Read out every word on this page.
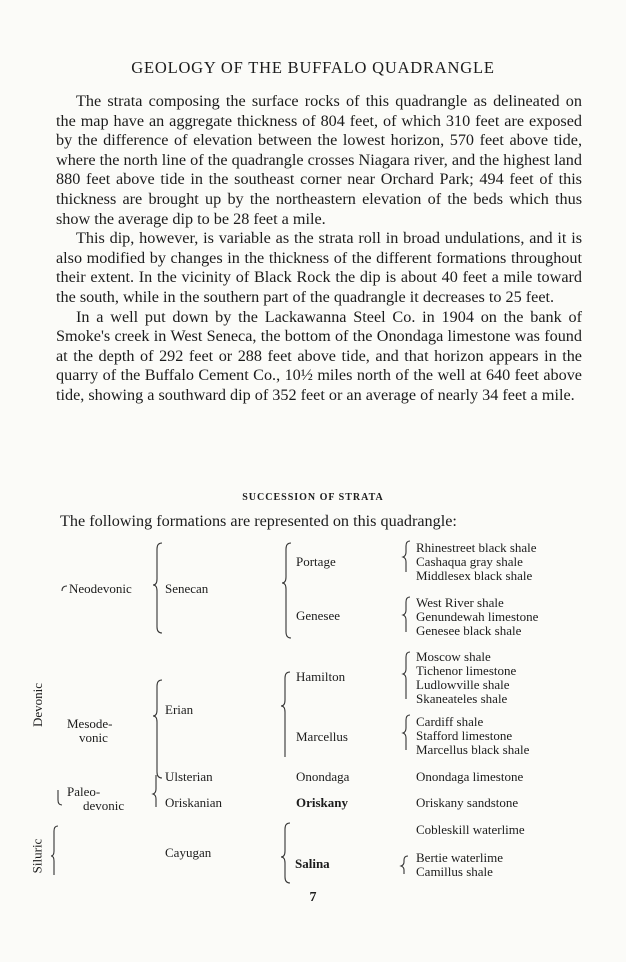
GEOLOGY OF THE BUFFALO QUADRANGLE

The strata composing the surface rocks of this quadrangle as delineated on the map have an aggregate thickness of 804 feet, of which 310 feet are exposed by the difference of elevation between the lowest horizon, 570 feet above tide, where the north line of the quadrangle crosses Niagara river, and the highest land 880 feet above tide in the southeast corner near Orchard Park; 494 feet of this thickness are brought up by the northeastern elevation of the beds which thus show the average dip to be 28 feet a mile.

This dip, however, is variable as the strata roll in broad undulations, and it is also modified by changes in the thickness of the different formations throughout their extent. In the vicinity of Black Rock the dip is about 40 feet a mile toward the south, while in the southern part of the quadrangle it decreases to 25 feet.

In a well put down by the Lackawanna Steel Co. in 1904 on the bank of Smoke's creek in West Seneca, the bottom of the Onondaga limestone was found at the depth of 292 feet or 288 feet above tide, and that horizon appears in the quarry of the Buffalo Cement Co., 10½ miles north of the well at 640 feet above tide, showing a southward dip of 352 feet or an average of nearly 34 feet a mile.

SUCCESSION OF STRATA
The following formations are represented on this quadrangle:
Devonic
Siluric
Neodevonic
Mesode-
vonic
Paleo-
devonic
Senecan
Erian
Ulsterian
Oriskanian
Cayugan
Portage
Genesee
Hamilton
Marcellus
Onondaga
Oriskany
Salina
Rhinestreet black shale
Cashaqua gray shale
Middlesex black shale
West River shale
Genundewah limestone
Genesee black shale
Moscow shale
Tichenor limestone
Ludlowville shale
Skaneateles shale
Cardiff shale
Stafford limestone
Marcellus black shale
Onondaga limestone
Oriskany sandstone
Cobleskill waterlime
Bertie waterlime
Camillus shale
7
